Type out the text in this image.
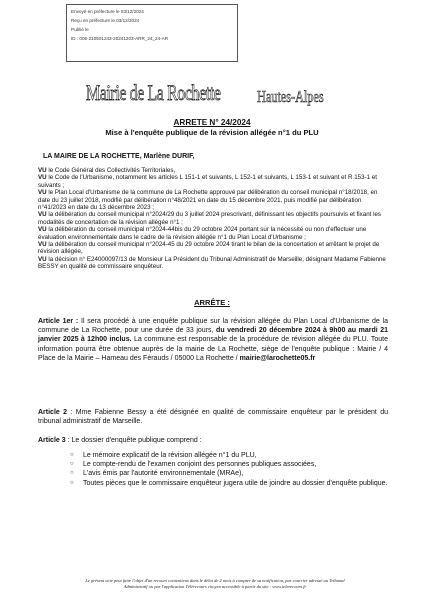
Envoyé en préfecture le 03/12/2024
Reçu en préfecture le 03/12/2024
Publié le
ID : 005-210501243-20241203-ARR_24_24-AR
Mairie de La Rochette Hautes-Alpes
ARRETE N° 24/2024
Mise à l'enquête publique de la révision allégée n°1 du PLU
LA MAIRE DE LA ROCHETTE, Marlène DURIF,

VU le Code Général des Collectivités Territoriales,

VU le Code de l'Urbanisme, notamment les articles L 151-1 et suivants, L 152-1 et suivants, L 153-1 et suivant et R 153-1 et suivants ;

VU le Plan Local d'Urbanisme de la commune de La Rochette approuvé par délibération du conseil municipal n°18/2018, en date du 23 juillet 2018, modifié par délibération n°48/2021 en date du 15 décembre 2021, puis modifié par délibération n°41/2023 en date du 13 décembre 2023 ;

VU la délibération du conseil municipal n°2024/29 du 3 juillet 2024 prescrivant, définissant les objectifs poursuivis et fixant les modalités de concertation de la révision allégée n°1 ;

VU la délibération du conseil municipal n°2024-44bis du 29 octobre 2024 portant sur la nécessité ou non d'effectuer une évaluation environnementale dans le cadre de la révision allégée n°1 du Plan Local d'Urbanisme ;

VU la délibération du conseil municipal n°2024-45 du 29 octobre 2024 tirant le bilan de la concertation et arrêtant le projet de révision allégée,

VU la décision n° E24000097/13 de Monsieur La Président du Tribunal Administratif de Marseille, désignant Madame Fabienne BESSY en qualité de commissaire enquêteur.

ARRÊTE :
Article 1er : Il sera procédé à une enquête publique sur la révision allégée du Plan Local d'Urbanisme de la commune de La Rochette, pour une durée de 33 jours, du vendredi 20 décembre 2024 à 9h00 au mardi 21 janvier 2025 à 12h00 inclus. La commune est responsable de la procédure de révision allégée du PLU. Toute information pourra être obtenue auprès de la mairie de La Rochette, siège de l'enquête publique : Mairie / 4 Place de la Mairie – Hameau des Férauds / 05000 La Rochette / mairie@larochette05.fr
Article 2 : Mme Fabienne Bessy a été désignée en qualité de commissaire enquêteur par le président du tribunal administratif de Marseille.
Article 3 : Le dossier d'enquête publique comprend :
○ Le mémoire explicatif de la révision allégée n°1 du PLU,
○ Le compte-rendu de l'examen conjoint des personnes publiques associées,
○ L'avis émis par l'autorité environnementale (MRAe),
○ Toutes pièces que le commissaire enquêteur jugera utile de joindre au dossier d'enquête publique.
Le présent acte peut faire l'objet d'un recours contentieux dans le délai de 2 mois à compter de sa notification, par courrier adressé au Tribunal
Administratif ou par l'application Télérecours citoyen accessible à partir du site : www.telerecours.fr
